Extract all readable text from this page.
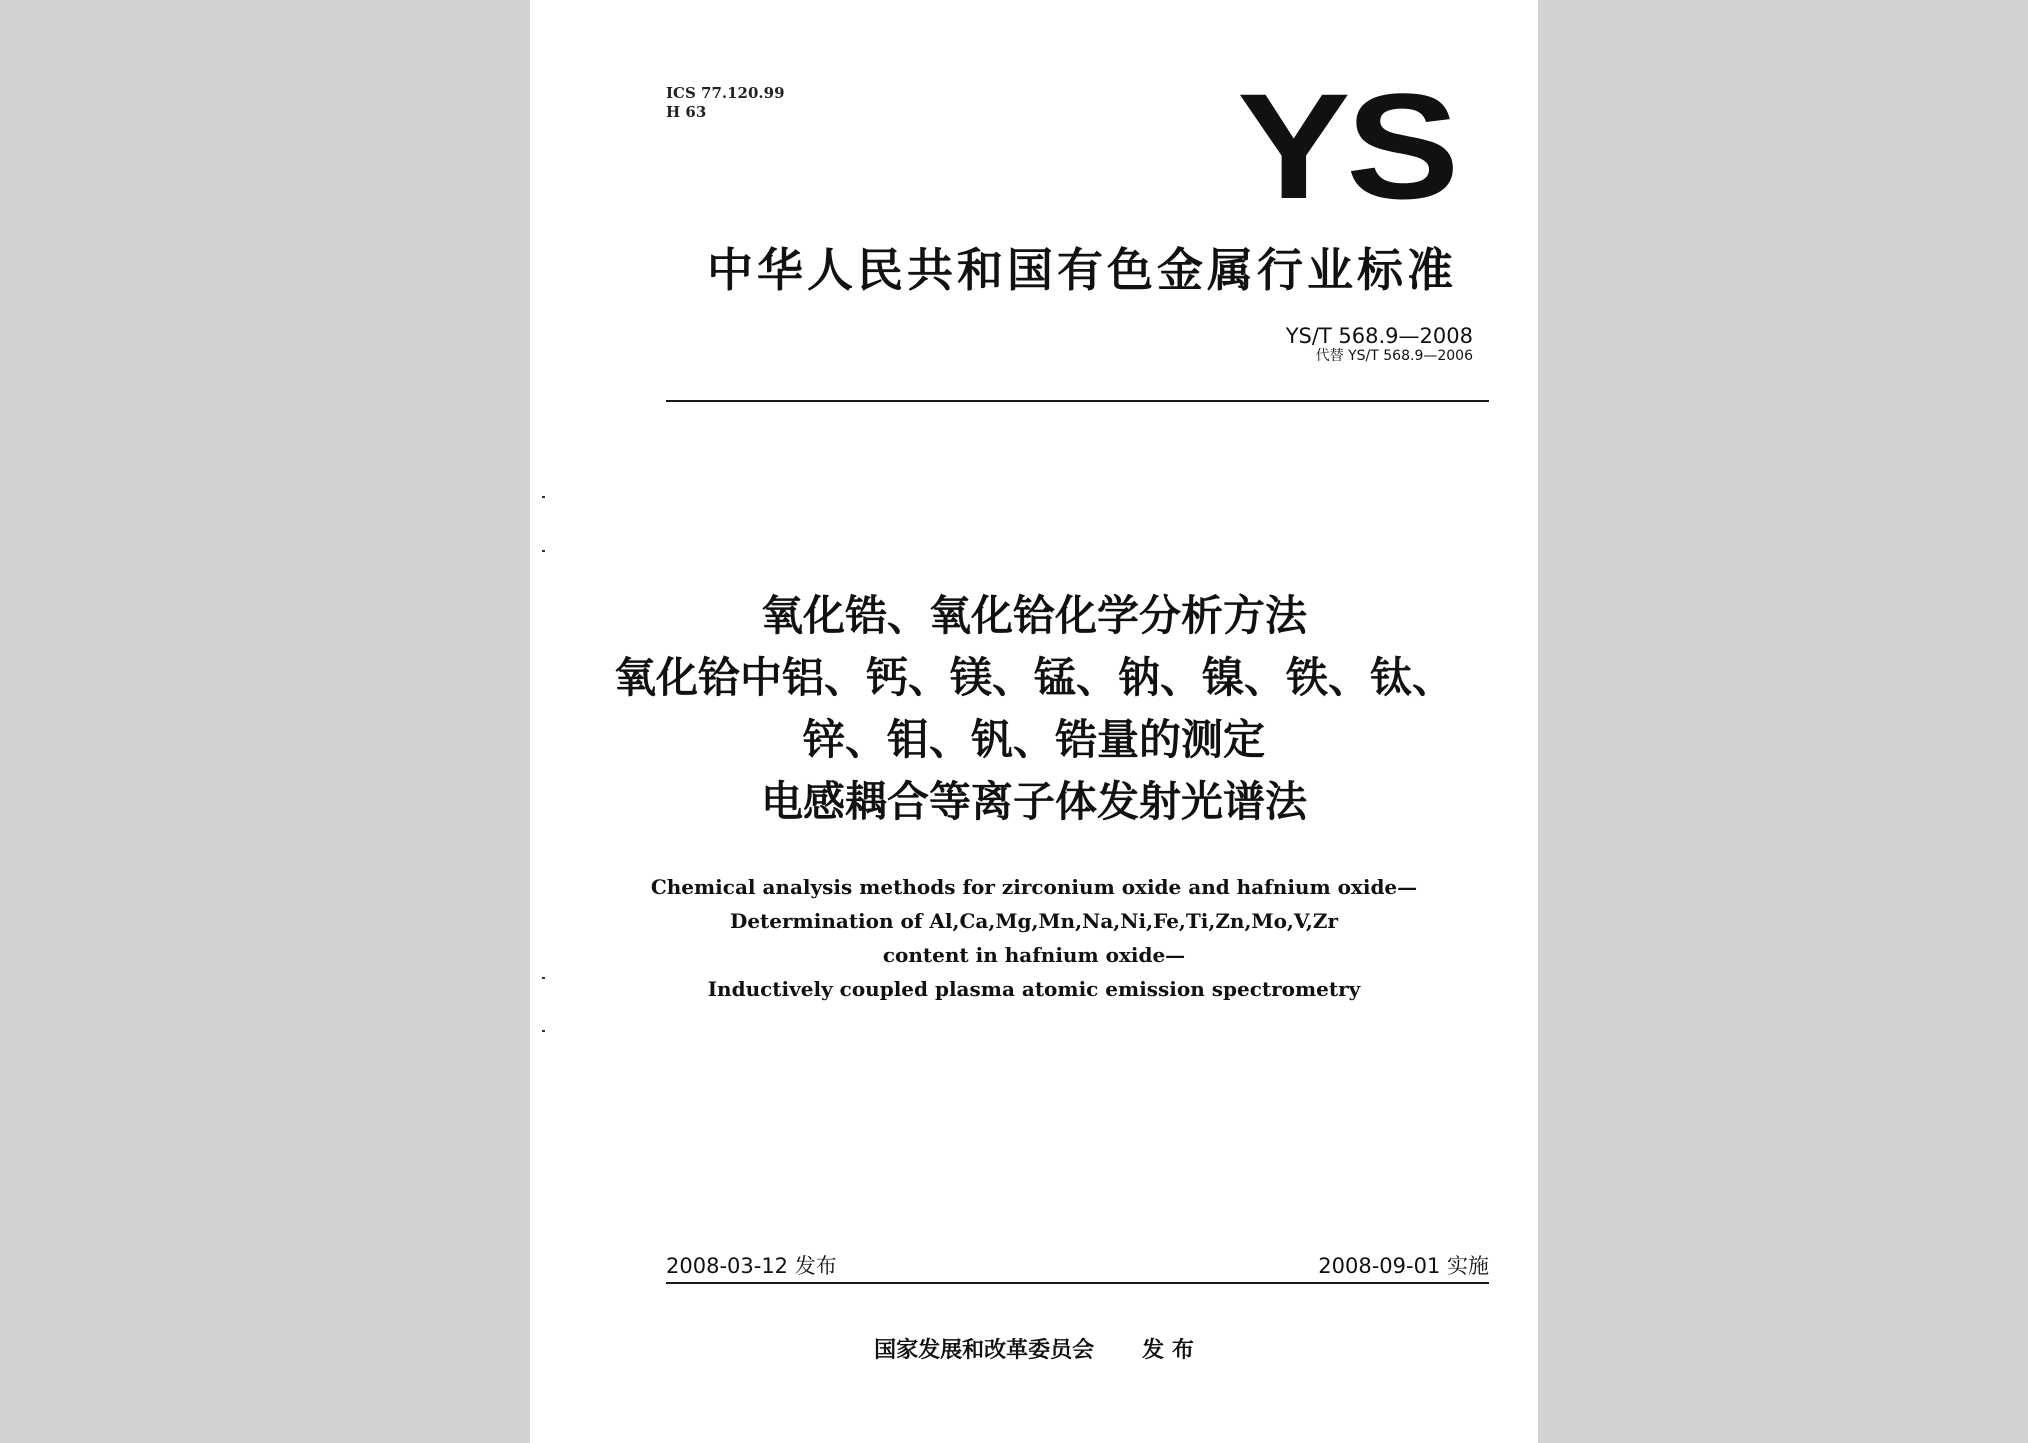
ICS 77.120.99
H 63	YS
中华人民共和国有色金属行业标准
YS/T 568.9—2008
代替 YS/T 568.9—2006
氧化锆、氧化铪化学分析方法
氧化铪中铝、钙、镁、锰、钠、镍、铁、钛、
锌、钼、钒、锆量的测定
电感耦合等离子体发射光谱法
Chemical analysis methods for zirconium oxide and hafnium oxide—
Determination of Al,Ca,Mg,Mn,Na,Ni,Fe,Ti,Zn,Mo,V,Zr
content in hafnium oxide—
Inductively coupled plasma atomic emission spectrometry
2008-03-12 发布	2008-09-01 实施
国家发展和改革委员会 发 布
